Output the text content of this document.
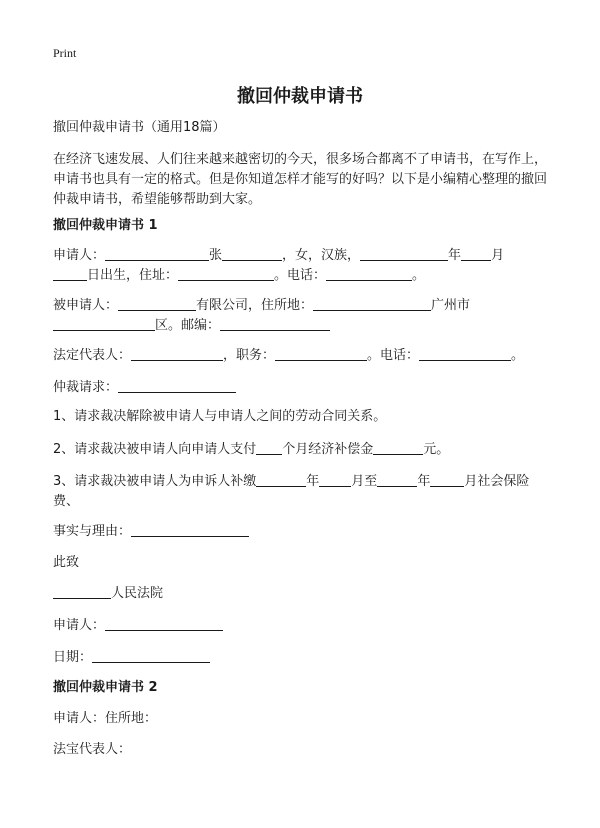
Print
撤回仲裁申请书
撤回仲裁申请书（通用18篇）
在经济飞速发展、人们往来越来越密切的今天，很多场合都离不了申请书，在写作上，申请书也具有一定的格式。但是你知道怎样才能写的好吗？以下是小编精心整理的撤回仲裁申请书，希望能够帮助到大家。
撤回仲裁申请书 1
申请人：	张	，女，汉族，	年 月
日出生，住址：	。电话：	。
被申请人：	有限公司，住所地：	广州市
区。邮编：
法定代表人：	，职务：	。电话：	。
仲裁请求：
1、请求裁决解除被申请人与申请人之间的劳动合同关系。
2、请求裁决被申请人向申请人支付 个月经济补偿金	元。
3、请求裁决被申请人为申诉人补缴	年 月至	年	月社会保险费、
事实与理由：
此致
人民法院
申请人：
日期：
撤回仲裁申请书 2
申请人：住所地：
法宝代表人：
